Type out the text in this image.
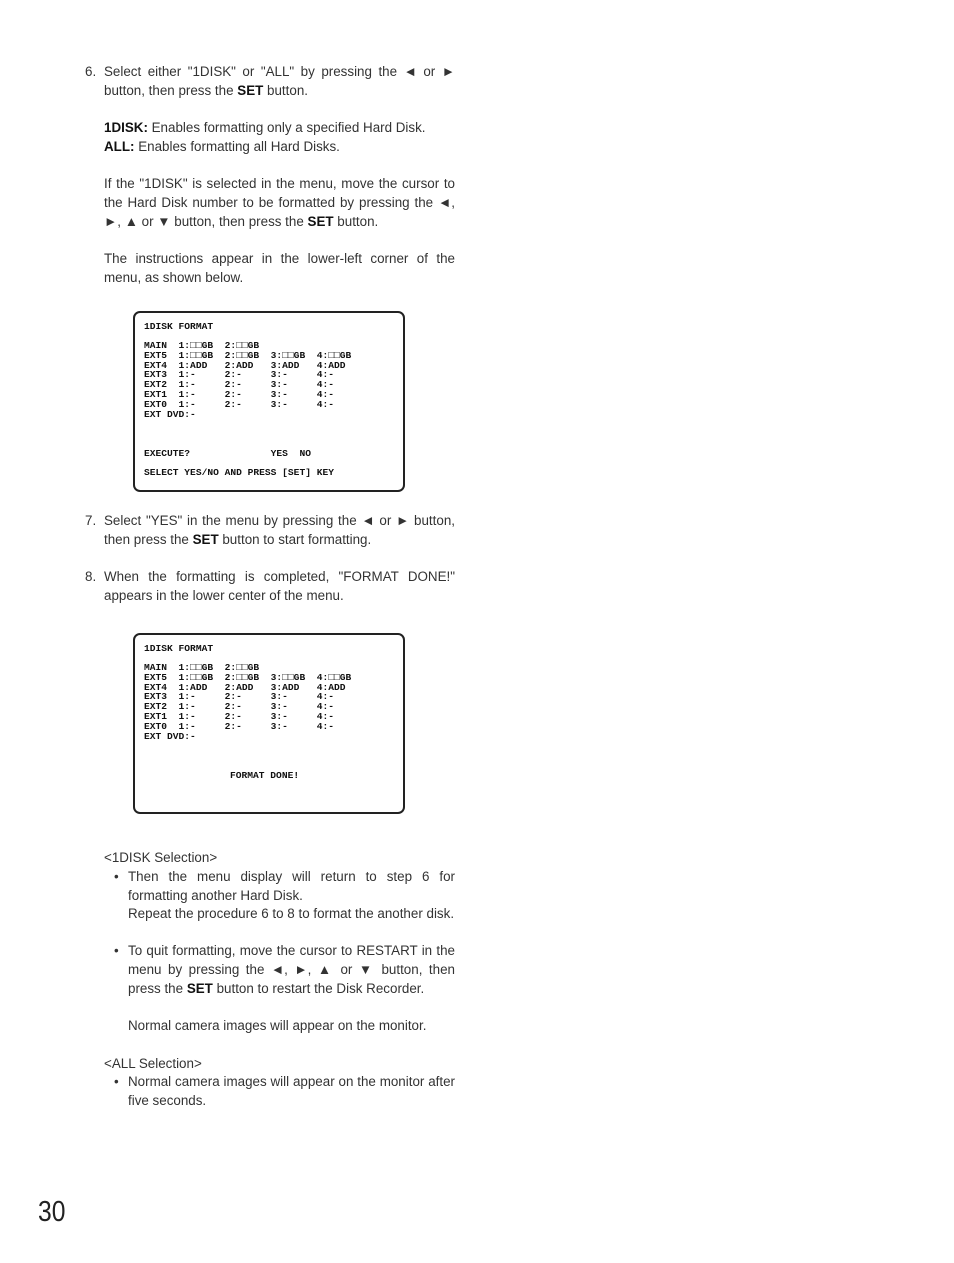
6. Select either "1DISK" or "ALL" by pressing the ◄ or ►
button, then press the SET button.
1DISK: Enables formatting only a specified Hard Disk.
ALL: Enables formatting all Hard Disks.
If the "1DISK" is selected in the menu, move the cursor to the Hard Disk number to be formatted by pressing the ◄, ►, ▲ or ▼ button, then press the SET button.
The instructions appear in the lower-left corner of the menu, as shown below.
1DISK FORMAT
MAIN  1:□□GB  2:□□GB
EXT5  1:□□GB  2:□□GB  3:□□GB  4:□□GB
EXT4  1:ADD   2:ADD   3:ADD   4:ADD
EXT3  1:-     2:-     3:-     4:-
EXT2  1:-     2:-     3:-     4:-
EXT1  1:-     2:-     3:-     4:-
EXT0  1:-     2:-     3:-     4:-
EXT DVD:-
EXECUTE?              YES  NO
SELECT YES/NO AND PRESS [SET] KEY
7. Select "YES" in the menu by pressing the ◄ or ► button, then press the SET button to start formatting.
8. When the formatting is completed, "FORMAT DONE!" appears in the lower center of the menu.
1DISK FORMAT
MAIN  1:□□GB  2:□□GB
EXT5  1:□□GB  2:□□GB  3:□□GB  4:□□GB
EXT4  1:ADD   2:ADD   3:ADD   4:ADD
EXT3  1:-     2:-     3:-     4:-
EXT2  1:-     2:-     3:-     4:-
EXT1  1:-     2:-     3:-     4:-
EXT0  1:-     2:-     3:-     4:-
EXT DVD:-
FORMAT DONE!
<1DISK Selection>
• Then the menu display will return to step 6 for formatting another Hard Disk.
Repeat the procedure 6 to 8 to format the another disk.
• To quit formatting, move the cursor to RESTART in the menu by pressing the ◄, ►, ▲ or ▼ button, then press the SET button to restart the Disk Recorder.
Normal camera images will appear on the monitor.
<ALL Selection>
• Normal camera images will appear on the monitor after five seconds.
30
